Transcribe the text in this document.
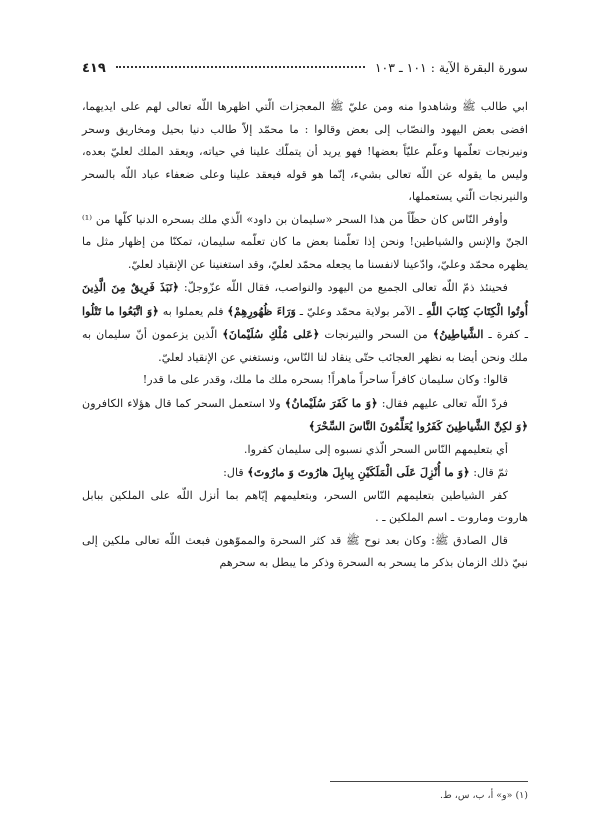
سورة البقرة الآية : ١٠١ ـ ١٠٣
٤١٩

ابي طالب ﷺ وشاهدوا منه ومن عليّ ﷺ المعجزات الّتي اظهرها اللّه تعالى لهم على ايديهما، افضى بعض اليهود والنصّاب إلى بعض وقالوا : ما محمّد إلاّ طالب دنيا بحيل ومخاريق وسحر ونيرنجات تعلّمها وعلّم عليّاً بعضها! فهو يريد أن يتملّك علينا في حياته، ويعقد الملك لعليّ بعده، وليس ما يقوله عن اللّه تعالى بشيء، إنّما هو قوله فيعقد علينا وعلى ضعفاء عباد اللّه بالسحر والنيرنجات الّتي يستعملها،

وأوفر النّاس كان حظّاً من هذا السحر «سليمان بن داود» الّذي ملك بسحره الدنيا كلّها من ⁽¹⁾ الجنّ والإنس والشياطين! ونحن إذا تعلّمنا بعض ما كان تعلّمه سليمان، تمكنّا من إظهار مثل ما يظهره محمّد وعليّ، وادّعينا لانفسنا ما يجعله محمّد لعليّ، وقد استغنينا عن الإنقياد لعليّ.

فحينئذ ذمّ اللّه تعالى الجميع من اليهود والنواصب، فقال اللّه عزّوجلّ: ﴿نَبَذَ فَرِيقٌ مِنَ الَّذِينَ أُوتُوا الْكِتَابَ كِتَابَ اللَّهِ ـ الآمر بولاية محمّد وعليّ ـ وَرَاءَ ظُهُورِهِمْ﴾ فلم يعملوا به ﴿وَ اتَّبَعُوا ما تَتْلُوا ـ كفرة ـ الشَّياطِينُ﴾ من السحر والنيرنجات ﴿عَلى مُلْكِ سُلَيْمانَ﴾ الّذين يزعمون أنّ سليمان به ملك ونحن أيضا به نظهر العجائب حتّى ينقاد لنا النّاس، ونستغني عن الإنقياد لعليّ.

قالوا: وكان سليمان كافراً ساحراً ماهراً! بسحره ملك ما ملك، وقدر على ما قدر!

فردّ اللّه تعالى عليهم فقال: ﴿وَ ما كَفَرَ سُلَيْمانُ﴾ ولا استعمل السحر كما قال هؤلاء الكافرون ﴿وَ لكِنَّ الشَّياطِينَ كَفَرُوا يُعَلِّمُونَ النَّاسَ السِّحْرَ﴾

أي بتعليمهم النّاس السحر الّذي نسبوه إلى سليمان كفروا.

ثمّ قال: ﴿وَ ما أُنْزِلَ عَلَى الْمَلَكَيْنِ بِبابِلَ هارُوتَ وَ مارُوتَ﴾ قال:

كفر الشياطين بتعليمهم النّاس السحر، وبتعليمهم إيّاهم بما أنزل اللّه على الملكين ببابل هاروت وماروت ـ اسم الملكين ـ .

قال الصادق ﷺ: وكان بعد نوح ﷺ قد كثر السحرة والمموّهون فبعث اللّه تعالى ملكين إلى نبيّ ذلك الزمان بذكر ما يسحر به السحرة وذكر ما يبطل به سحرهم

(١) «و» أ، ب، س، ط.
